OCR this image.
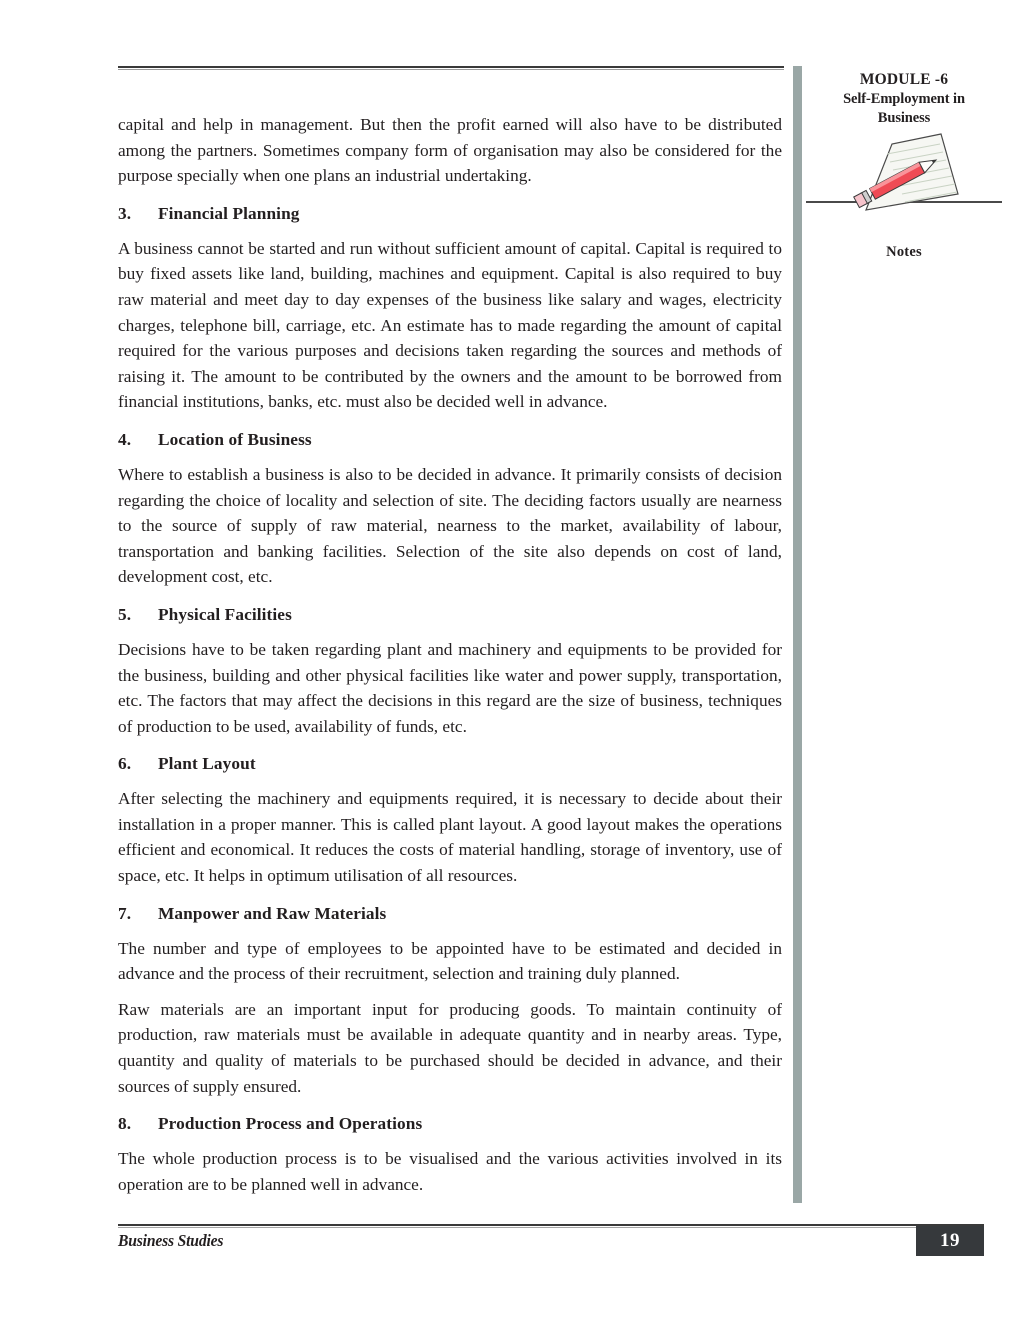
MODULE -6
Self-Employment in
Business
Notes

capital and help in management. But then the profit earned will also have to be distributed among the partners. Sometimes company form of organisation may also be considered for the purpose specially when one plans an industrial undertaking.

3.	Financial Planning

A business cannot be started and run without sufficient amount of capital. Capital is required to buy fixed assets like land, building, machines and equipment. Capital is also required to buy raw material and meet day to day expenses of the business like salary and wages, electricity charges, telephone bill, carriage, etc. An estimate has to made regarding the amount of capital required for the various purposes and decisions taken regarding the sources and methods of raising it. The amount to be contributed by the owners and the amount to be borrowed from financial institutions, banks, etc. must also be decided well in advance.

4.	Location of Business

Where to establish a business is also to be decided in advance. It primarily consists of decision regarding the choice of locality and selection of site. The deciding factors usually are nearness to the source of supply of raw material, nearness to the market, availability of labour, transportation and banking facilities. Selection of the site also depends on cost of land, development cost, etc.

5.	Physical Facilities

Decisions have to be taken regarding plant and machinery and equipments to be provided for the business, building and other physical facilities like water and power supply, transportation, etc. The factors that may affect the decisions in this regard are the size of business, techniques of production to be used, availability of funds, etc.

6.	Plant Layout

After selecting the machinery and equipments required, it is necessary to decide about their installation in a proper manner. This is called plant layout. A good layout makes the operations efficient and economical. It reduces the costs of material handling, storage of inventory, use of space, etc. It helps in optimum utilisation of all resources.

7.	Manpower and Raw Materials

The number and type of employees to be appointed have to be estimated and decided in advance and the process of their recruitment, selection and training duly planned.

Raw materials are an important input for producing goods. To maintain continuity of production, raw materials must be available in adequate quantity and in nearby areas. Type, quantity and quality of materials to be purchased should be decided in advance, and their sources of supply ensured.

8.	Production Process and Operations

The whole production process is to be visualised and the various activities involved in its operation are to be planned well in advance.

Business Studies	19
